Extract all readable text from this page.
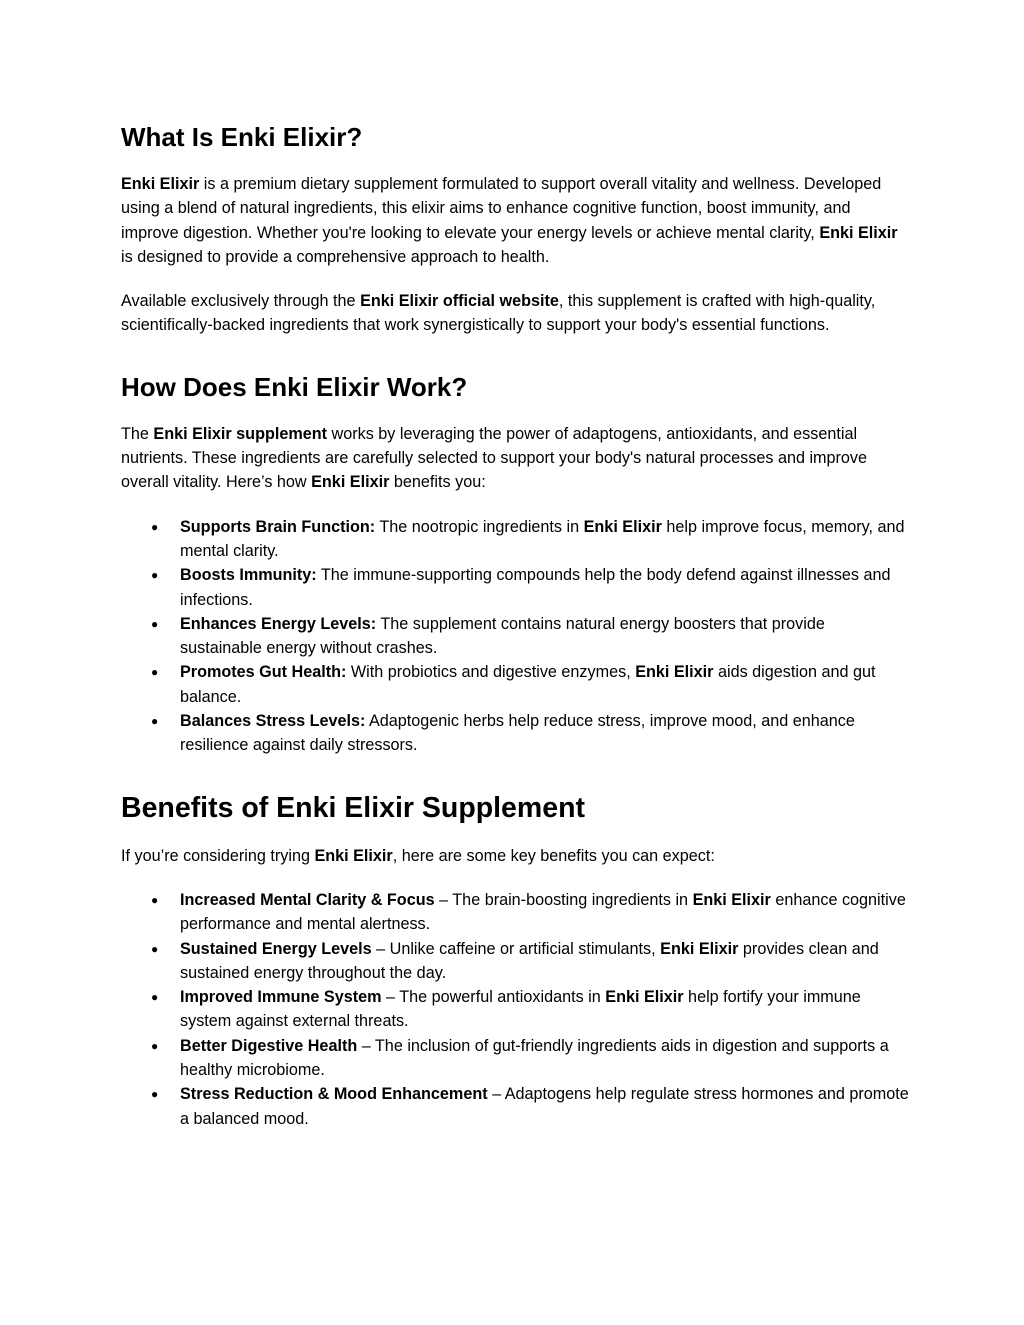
What Is Enki Elixir?

Enki Elixir is a premium dietary supplement formulated to support overall vitality and wellness. Developed using a blend of natural ingredients, this elixir aims to enhance cognitive function, boost immunity, and improve digestion. Whether you're looking to elevate your energy levels or achieve mental clarity, Enki Elixir is designed to provide a comprehensive approach to health.

Available exclusively through the Enki Elixir official website, this supplement is crafted with high-quality, scientifically-backed ingredients that work synergistically to support your body's essential functions.

How Does Enki Elixir Work?

The Enki Elixir supplement works by leveraging the power of adaptogens, antioxidants, and essential nutrients. These ingredients are carefully selected to support your body's natural processes and improve overall vitality. Here’s how Enki Elixir benefits you:

● Supports Brain Function: The nootropic ingredients in Enki Elixir help improve focus, memory, and mental clarity.
● Boosts Immunity: The immune-supporting compounds help the body defend against illnesses and infections.
● Enhances Energy Levels: The supplement contains natural energy boosters that provide sustainable energy without crashes.
● Promotes Gut Health: With probiotics and digestive enzymes, Enki Elixir aids digestion and gut balance.
● Balances Stress Levels: Adaptogenic herbs help reduce stress, improve mood, and enhance resilience against daily stressors.
Benefits of Enki Elixir Supplement

If you’re considering trying Enki Elixir, here are some key benefits you can expect:

● Increased Mental Clarity & Focus – The brain-boosting ingredients in Enki Elixir enhance cognitive performance and mental alertness.
● Sustained Energy Levels – Unlike caffeine or artificial stimulants, Enki Elixir provides clean and sustained energy throughout the day.
● Improved Immune System – The powerful antioxidants in Enki Elixir help fortify your immune system against external threats.
● Better Digestive Health – The inclusion of gut-friendly ingredients aids in digestion and supports a healthy microbiome.
● Stress Reduction & Mood Enhancement – Adaptogens help regulate stress hormones and promote a balanced mood.
